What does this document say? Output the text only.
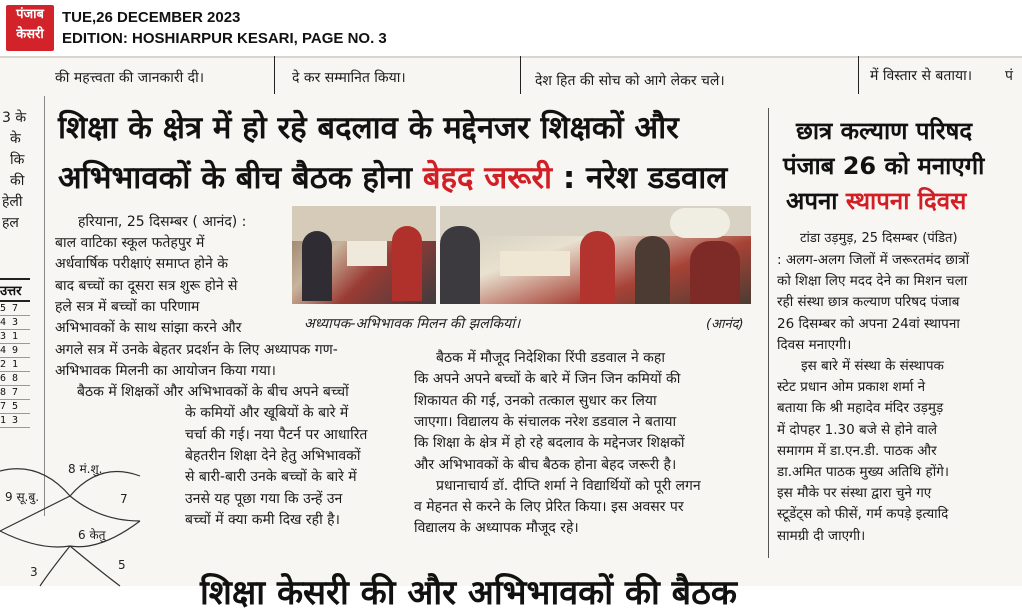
पंजाब
केसरी
TUE,26 DECEMBER 2023
EDITION: HOSHIARPUR KESARI, PAGE NO. 3
की महत्त्वता की जानकारी दी।	दे कर सम्मानित किया।	देश हित की सोच को आगे लेकर चले।	में विस्तार से बताया। पं
3 के
के
कि
की
हेली
हल
उत्तर
5 7
4 3
3 1
4 9
2 1
6 8
8 7
7 5
1 3
8 मं.शु.
9 सू.बु.	7
6 केतु
3	5
शिक्षा के क्षेत्र में हो रहे बदलाव के मद्देनजर शिक्षकों और
अभिभावकों के बीच बैठक होना बेहद जरूरी : नरेश डडवाल
अध्यापक-अभिभावक मिलन की झलकियां।	(आनंद)
हरियाना, 25 दिसम्बर ( आनंद) :
बाल वाटिका स्कूल फतेहपुर में
अर्धवार्षिक परीक्षाएं समाप्त होने के
बाद बच्चों का दूसरा सत्र शुरू होने से
हले सत्र में बच्चों का परिणाम
अभिभावकों के साथ सांझा करने और
अगले सत्र में उनके बेहतर प्रदर्शन के लिए अध्यापक गण-
अभिभावक मिलनी का आयोजन किया गया।
बैठक में शिक्षकों और अभिभावकों के बीच अपने बच्चों
के कमियों और खूबियों के बारे में
चर्चा की गई। नया पैटर्न पर आधारित
बेहतरीन शिक्षा देने हेतु अभिभावकों
से बारी-बारी उनके बच्चों के बारे में
उनसे यह पूछा गया कि उन्हें उन
बच्चों में क्या कमी दिख रही है।
बैठक में मौजूद निदेशिका रिंपी डडवाल ने कहा
कि अपने अपने बच्चों के बारे में जिन जिन कमियों की
शिकायत की गई, उनको तत्काल सुधार कर लिया
जाएगा। विद्यालय के संचालक नरेश डडवाल ने बताया
कि शिक्षा के क्षेत्र में हो रहे बदलाव के मद्देनजर शिक्षकों
और अभिभावकों के बीच बैठक होना बेहद जरूरी है।
प्रधानाचार्य डॉ. दीप्ति शर्मा ने विद्यार्थियों को पूरी लगन
व मेहनत से करने के लिए प्रेरित किया। इस अवसर पर
विद्यालय के अध्यापक मौजूद रहे।
छात्र कल्याण परिषद
पंजाब 26 को मनाएगी
अपना स्थापना दिवस
टांडा उड़मुड़, 25 दिसम्बर (पंडित)
: अलग-अलग जिलों में जरूरतमंद छात्रों
को शिक्षा लिए मदद देने का मिशन चला
रही संस्था छात्र कल्याण परिषद पंजाब
26 दिसम्बर को अपना 24वां स्थापना
दिवस मनाएगी।
इस बारे में संस्था के संस्थापक
स्टेट प्रधान ओम प्रकाश शर्मा ने
बताया कि श्री महादेव मंदिर उड़मुड़
में दोपहर 1.30 बजे से होने वाले
समागम में डा.एन.डी. पाठक और
डा.अमित पाठक मुख्य अतिथि होंगे।
इस मौके पर संस्था द्वारा चुने गए
स्टूडेंट्स को फीसें, गर्म कपड़े इत्यादि
सामग्री दी जाएगी।
शिक्षा केसरी की और अभिभावकों की बैठक
